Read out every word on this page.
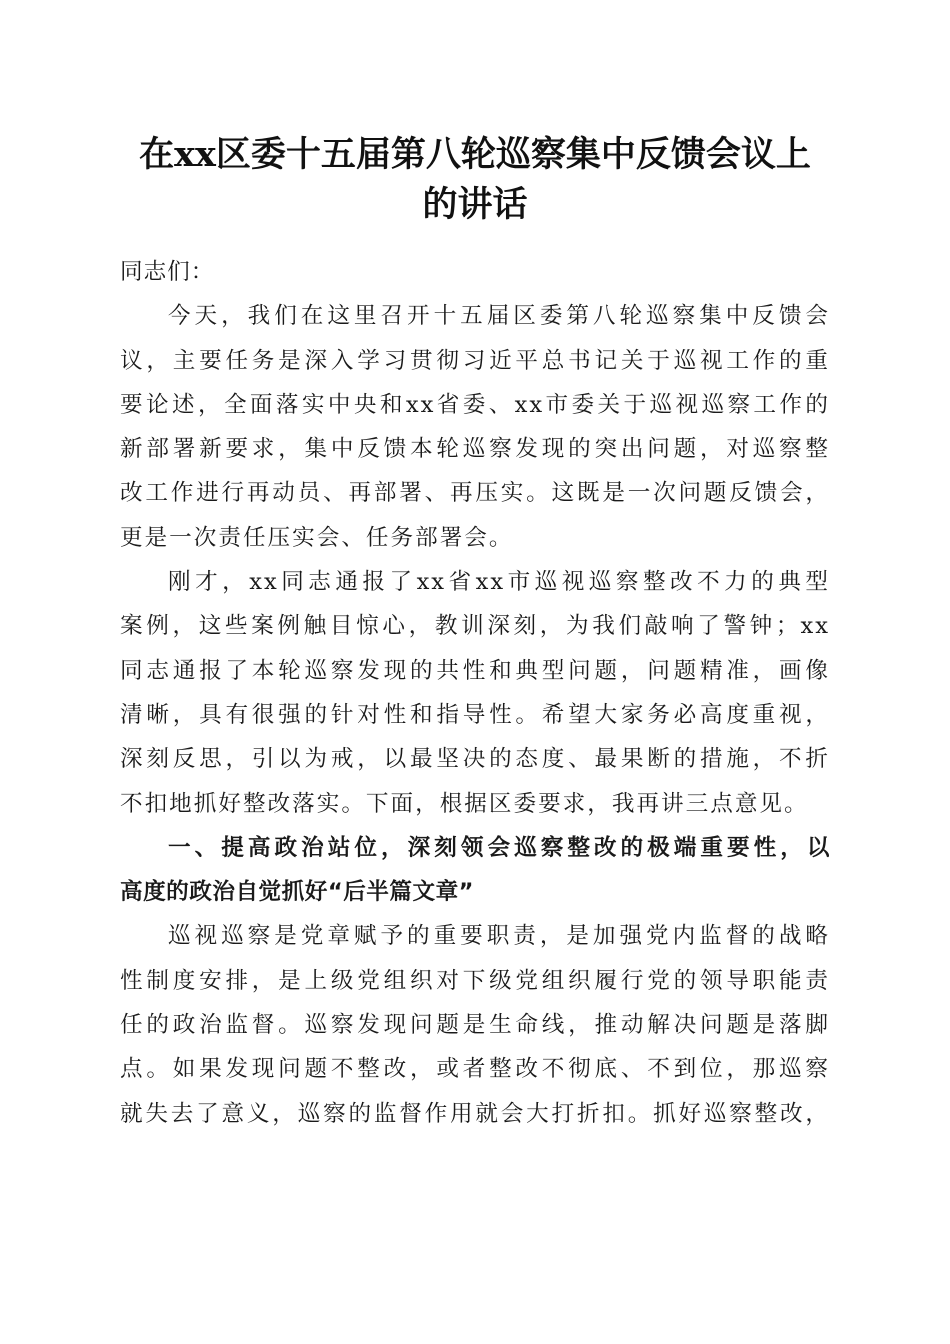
在xx区委十五届第八轮巡察集中反馈会议上
的讲话

同志们：

今天，我们在这里召开十五届区委第八轮巡察集中反馈会
议，主要任务是深入学习贯彻习近平总书记关于巡视工作的重
要论述，全面落实中央和xx省委、xx市委关于巡视巡察工作的
新部署新要求，集中反馈本轮巡察发现的突出问题，对巡察整
改工作进行再动员、再部署、再压实。这既是一次问题反馈会，
更是一次责任压实会、任务部署会。
刚才，xx同志通报了xx省xx市巡视巡察整改不力的典型
案例，这些案例触目惊心，教训深刻，为我们敲响了警钟；xx
同志通报了本轮巡察发现的共性和典型问题，问题精准，画像
清晰，具有很强的针对性和指导性。希望大家务必高度重视，
深刻反思，引以为戒，以最坚决的态度、最果断的措施，不折
不扣地抓好整改落实。下面，根据区委要求，我再讲三点意见。
一、提高政治站位，深刻领会巡察整改的极端重要性，以
高度的政治自觉抓好“后半篇文章”
巡视巡察是党章赋予的重要职责，是加强党内监督的战略
性制度安排，是上级党组织对下级党组织履行党的领导职能责
任的政治监督。巡察发现问题是生命线，推动解决问题是落脚
点。如果发现问题不整改，或者整改不彻底、不到位，那巡察
就失去了意义，巡察的监督作用就会大打折扣。抓好巡察整改，
